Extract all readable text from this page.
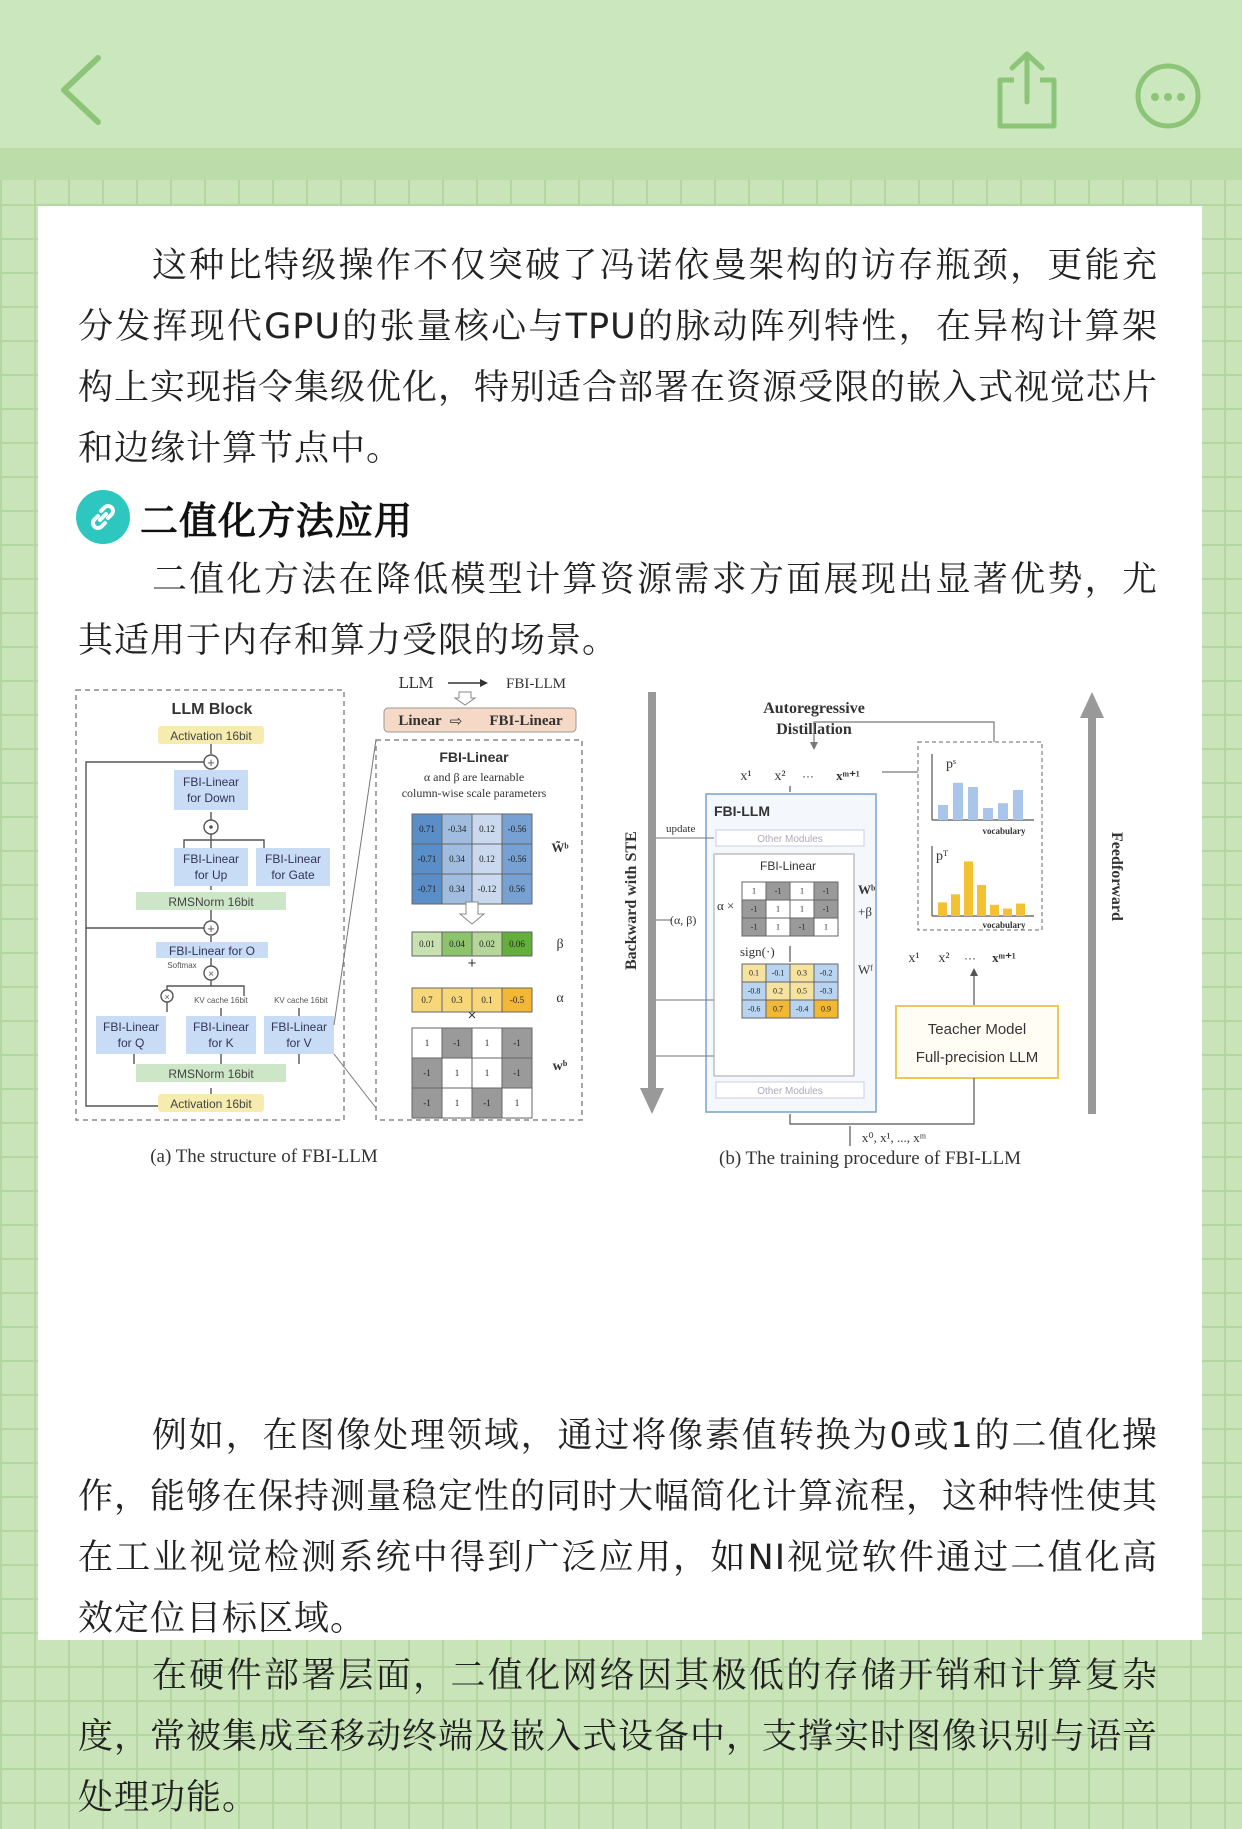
这种比特级操作不仅突破了冯诺依曼架构的访存瓶颈，更能充分发挥现代GPU的张量核心与TPU的脉动阵列特性，在异构计算架构上实现指令集级优化，特别适合部署在资源受限的嵌入式视觉芯片和边缘计算节点中。

二值化方法应用

二值化方法在降低模型计算资源需求方面展现出显著优势，尤其适用于内存和算力受限的场景。

LLM Block
Activation 16bit
+
FBI-Linear
for Down
FBI-Linear
for Up
FBI-Linear
for Gate
RMSNorm 16bit
+
FBI-Linear for O
×
Softmax
×	KV cache 16bit	KV cache 16bit
FBI-Linear
for Q
FBI-Linear
for K
FBI-Linear
for V
RMSNorm 16bit
Activation 16bit
LLM	FBI-LLM
Linear ⇨ FBI-Linear
FBI-Linear
α and β are learnable
column-wise scale parameters
0.71 -0.34 0.12 -0.56
-0.71 0.34 0.12 -0.56
-0.71 0.34 -0.12 0.56
W̃ᵇ
0.01 0.04 0.02 0.06 β
+
0.7 0.3 0.1 -0.5 α
×
1	-1	1	-1
-1	1	1	-1
-1	1	-1	1
wᵇ
(a) The structure of FBI-LLM
Backward with STE	Feedforward
Autoregressive
Distillation
x¹ x² ··· xᵐ⁺¹
pˢ
vocabulary
pᵀ
vocabulary
FBI-LLM
update
Other Modules
FBI-Linear
α ×
(α, β)
1 -1 1 -1
-1 1	1 -1
-1 1 -1 1
Wᵇ
+β
sign(·)
0.1 -0.1 0.3 -0.2
-0.8 0.2 0.5 -0.3
-0.6 0.7 -0.4 0.9
Wᶠ
Other Modules
x¹ x² ··· xᵐ⁺¹
Teacher Model
Full-precision LLM
x⁰, x¹, ..., xᵐ
(b) The training procedure of FBI-LLM

例如，在图像处理领域，通过将像素值转换为0或1的二值化操作，能够在保持测量稳定性的同时大幅简化计算流程，这种特性使其在工业视觉检测系统中得到广泛应用，如NI视觉软件通过二值化高效定位目标区域。

在硬件部署层面，二值化网络因其极低的存储开销和计算复杂度，常被集成至移动终端及嵌入式设备中，支撑实时图像识别与语音处理功能。
